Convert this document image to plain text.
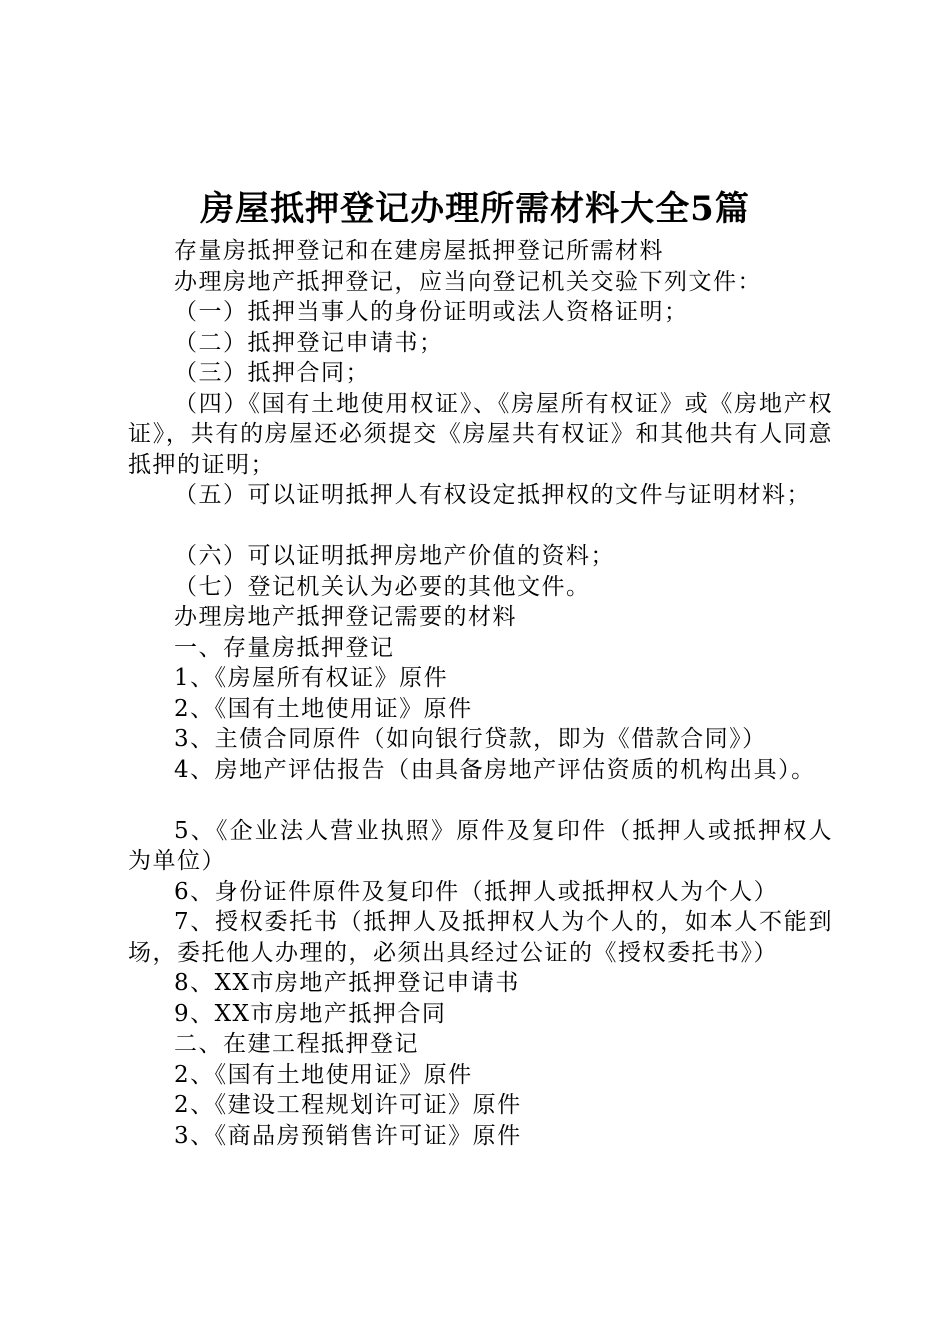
房屋抵押登记办理所需材料大全5篇

存量房抵押登记和在建房屋抵押登记所需材料

办理房地产抵押登记，应当向登记机关交验下列文件：

（一）抵押当事人的身份证明或法人资格证明；

（二）抵押登记申请书；

（三）抵押合同；

（四）《国有土地使用权证》、《房屋所有权证》或《房地产权证》，共有的房屋还必须提交《房屋共有权证》和其他共有人同意抵押的证明；

（五）可以证明抵押人有权设定抵押权的文件与证明材料；

（六）可以证明抵押房地产价值的资料；

（七）登记机关认为必要的其他文件。

办理房地产抵押登记需要的材料

一、存量房抵押登记

1、《房屋所有权证》原件

2、《国有土地使用证》原件

3、主债合同原件（如向银行贷款，即为《借款合同》）

4、房地产评估报告（由具备房地产评估资质的机构出具）。

5、《企业法人营业执照》原件及复印件（抵押人或抵押权人为单位）

6、身份证件原件及复印件（抵押人或抵押权人为个人）

7、授权委托书（抵押人及抵押权人为个人的，如本人不能到场，委托他人办理的，必须出具经过公证的《授权委托书》）

8、XX市房地产抵押登记申请书

9、XX市房地产抵押合同

二、在建工程抵押登记

2、《国有土地使用证》原件

2、《建设工程规划许可证》原件

3、《商品房预销售许可证》原件
